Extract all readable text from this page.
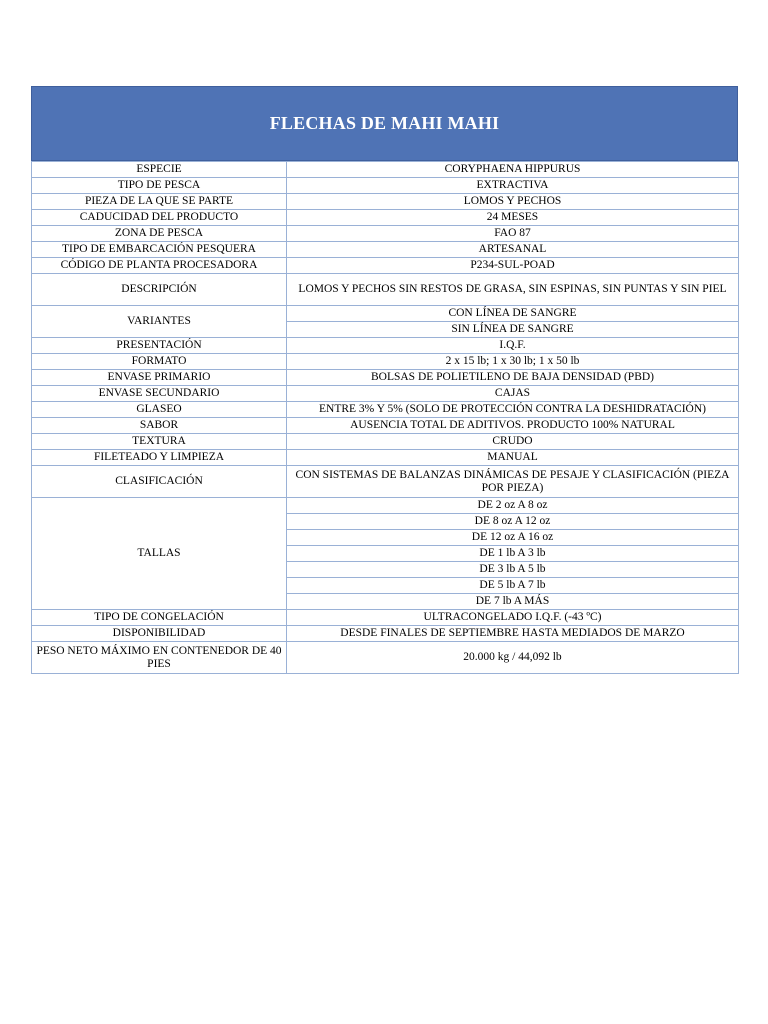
FLECHAS DE MAHI MAHI
ESPECIE	CORYPHAENA HIPPURUS
TIPO DE PESCA	EXTRACTIVA
PIEZA DE LA QUE SE PARTE	LOMOS Y PECHOS
CADUCIDAD DEL PRODUCTO	24 MESES
ZONA DE PESCA	FAO 87
TIPO DE EMBARCACIÓN PESQUERA	ARTESANAL
CÓDIGO DE PLANTA PROCESADORA	P234-SUL-POAD
DESCRIPCIÓN	LOMOS Y PECHOS SIN RESTOS DE GRASA, SIN ESPINAS, SIN PUNTAS Y SIN PIEL
VARIANTES	CON LÍNEA DE SANGRE
	SIN LÍNEA DE SANGRE
PRESENTACIÓN	I.Q.F.
FORMATO	2 x 15 lb; 1 x 30 lb; 1 x 50 lb
ENVASE PRIMARIO	BOLSAS DE POLIETILENO DE BAJA DENSIDAD (PBD)
ENVASE SECUNDARIO	CAJAS
GLASEO	ENTRE 3% Y 5% (SOLO DE PROTECCIÓN CONTRA LA DESHIDRATACIÓN)
SABOR	AUSENCIA TOTAL DE ADITIVOS. PRODUCTO 100% NATURAL
TEXTURA	CRUDO
FILETEADO Y LIMPIEZA	MANUAL
CLASIFICACIÓN	CON SISTEMAS DE BALANZAS DINÁMICAS DE PESAJE Y CLASIFICACIÓN (PIEZA POR PIEZA)
TALLAS	DE 2 oz A 8 oz
	DE 8 oz A 12 oz
	DE 12 oz A 16 oz
	DE 1 lb A 3 lb
	DE 3 lb A 5 lb
	DE 5 lb A 7 lb
	DE 7 lb A MÁS
TIPO DE CONGELACIÓN	ULTRACONGELADO I.Q.F. (-43 ºC)
DISPONIBILIDAD	DESDE FINALES DE SEPTIEMBRE HASTA MEDIADOS DE MARZO
PESO NETO MÁXIMO EN CONTENEDOR DE 40 PIES	20.000 kg / 44,092 lb
